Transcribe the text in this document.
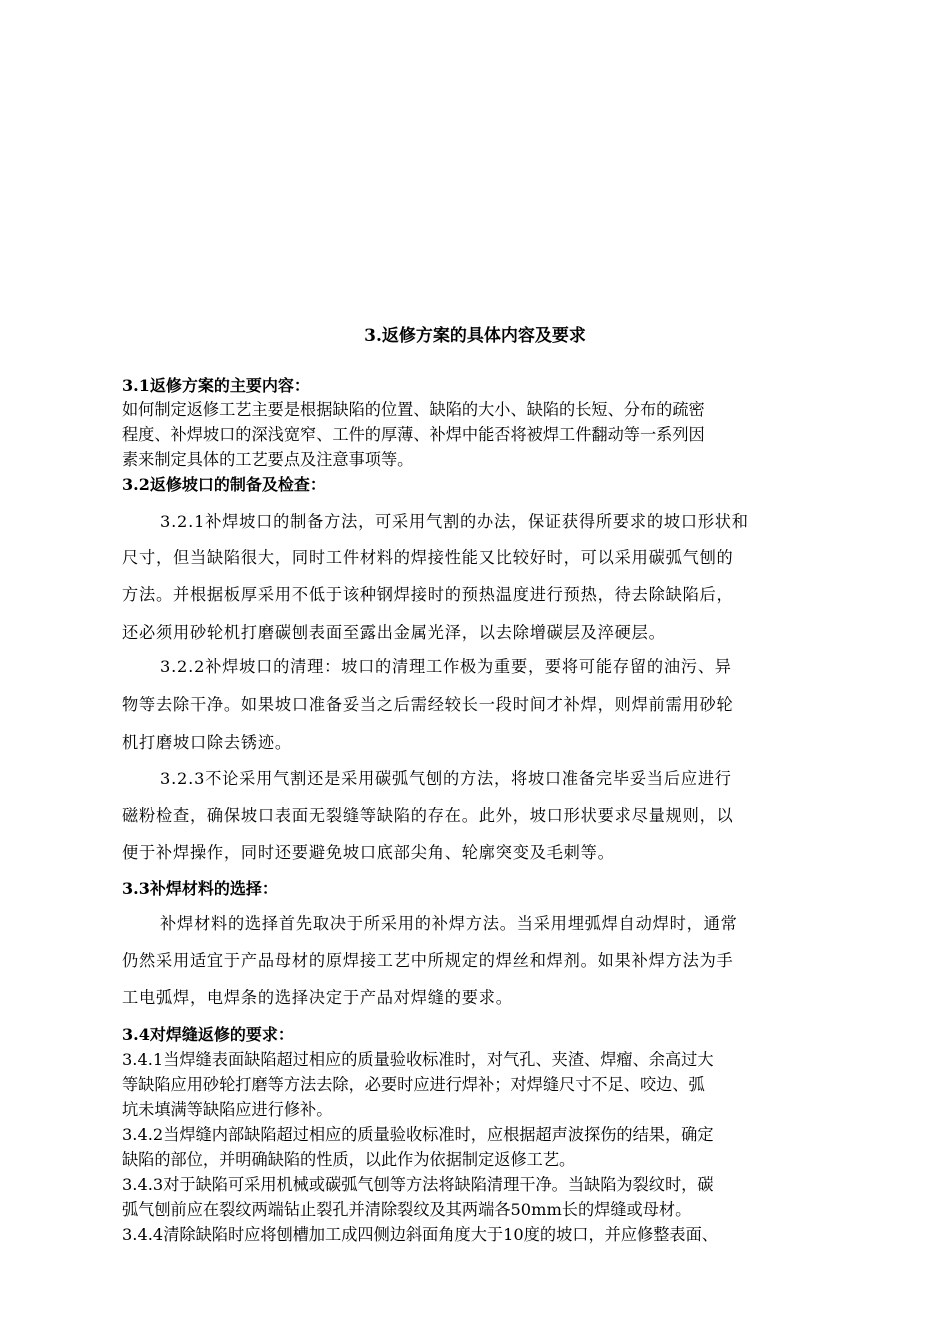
3.返修方案的具体内容及要求
3.1返修方案的主要内容：
如何制定返修工艺主要是根据缺陷的位置、缺陷的大小、缺陷的长短、分布的疏密
程度、补焊坡口的深浅宽窄、工件的厚薄、补焊中能否将被焊工件翻动等一系列因
素来制定具体的工艺要点及注意事项等。
3.2返修坡口的制备及检查：
3.2.1补焊坡口的制备方法，可采用气割的办法，保证获得所要求的坡口形状和
尺寸，但当缺陷很大，同时工件材料的焊接性能又比较好时，可以采用碳弧气刨的
方法。并根据板厚采用不低于该种钢焊接时的预热温度进行预热，待去除缺陷后，
还必须用砂轮机打磨碳刨表面至露出金属光泽，以去除增碳层及淬硬层。
3.2.2补焊坡口的清理：坡口的清理工作极为重要，要将可能存留的油污、异
物等去除干净。如果坡口准备妥当之后需经较长一段时间才补焊，则焊前需用砂轮
机打磨坡口除去锈迹。
3.2.3不论采用气割还是采用碳弧气刨的方法，将坡口准备完毕妥当后应进行
磁粉检查，确保坡口表面无裂缝等缺陷的存在。此外，坡口形状要求尽量规则，以
便于补焊操作，同时还要避免坡口底部尖角、轮廓突变及毛刺等。
3.3补焊材料的选择：
补焊材料的选择首先取决于所采用的补焊方法。当采用埋弧焊自动焊时，通常
仍然采用适宜于产品母材的原焊接工艺中所规定的焊丝和焊剂。如果补焊方法为手
工电弧焊，电焊条的选择决定于产品对焊缝的要求。
3.4对焊缝返修的要求：
3.4.1当焊缝表面缺陷超过相应的质量验收标准时，对气孔、夹渣、焊瘤、余高过大
等缺陷应用砂轮打磨等方法去除，必要时应进行焊补；对焊缝尺寸不足、咬边、弧
坑未填满等缺陷应进行修补。
3.4.2当焊缝内部缺陷超过相应的质量验收标准时，应根据超声波探伤的结果，确定
缺陷的部位，并明确缺陷的性质，以此作为依据制定返修工艺。
3.4.3对于缺陷可采用机械或碳弧气刨等方法将缺陷清理干净。当缺陷为裂纹时，碳
弧气刨前应在裂纹两端钻止裂孔并清除裂纹及其两端各50mm长的焊缝或母材。
3.4.4清除缺陷时应将刨槽加工成四侧边斜面角度大于10度的坡口，并应修整表面、
